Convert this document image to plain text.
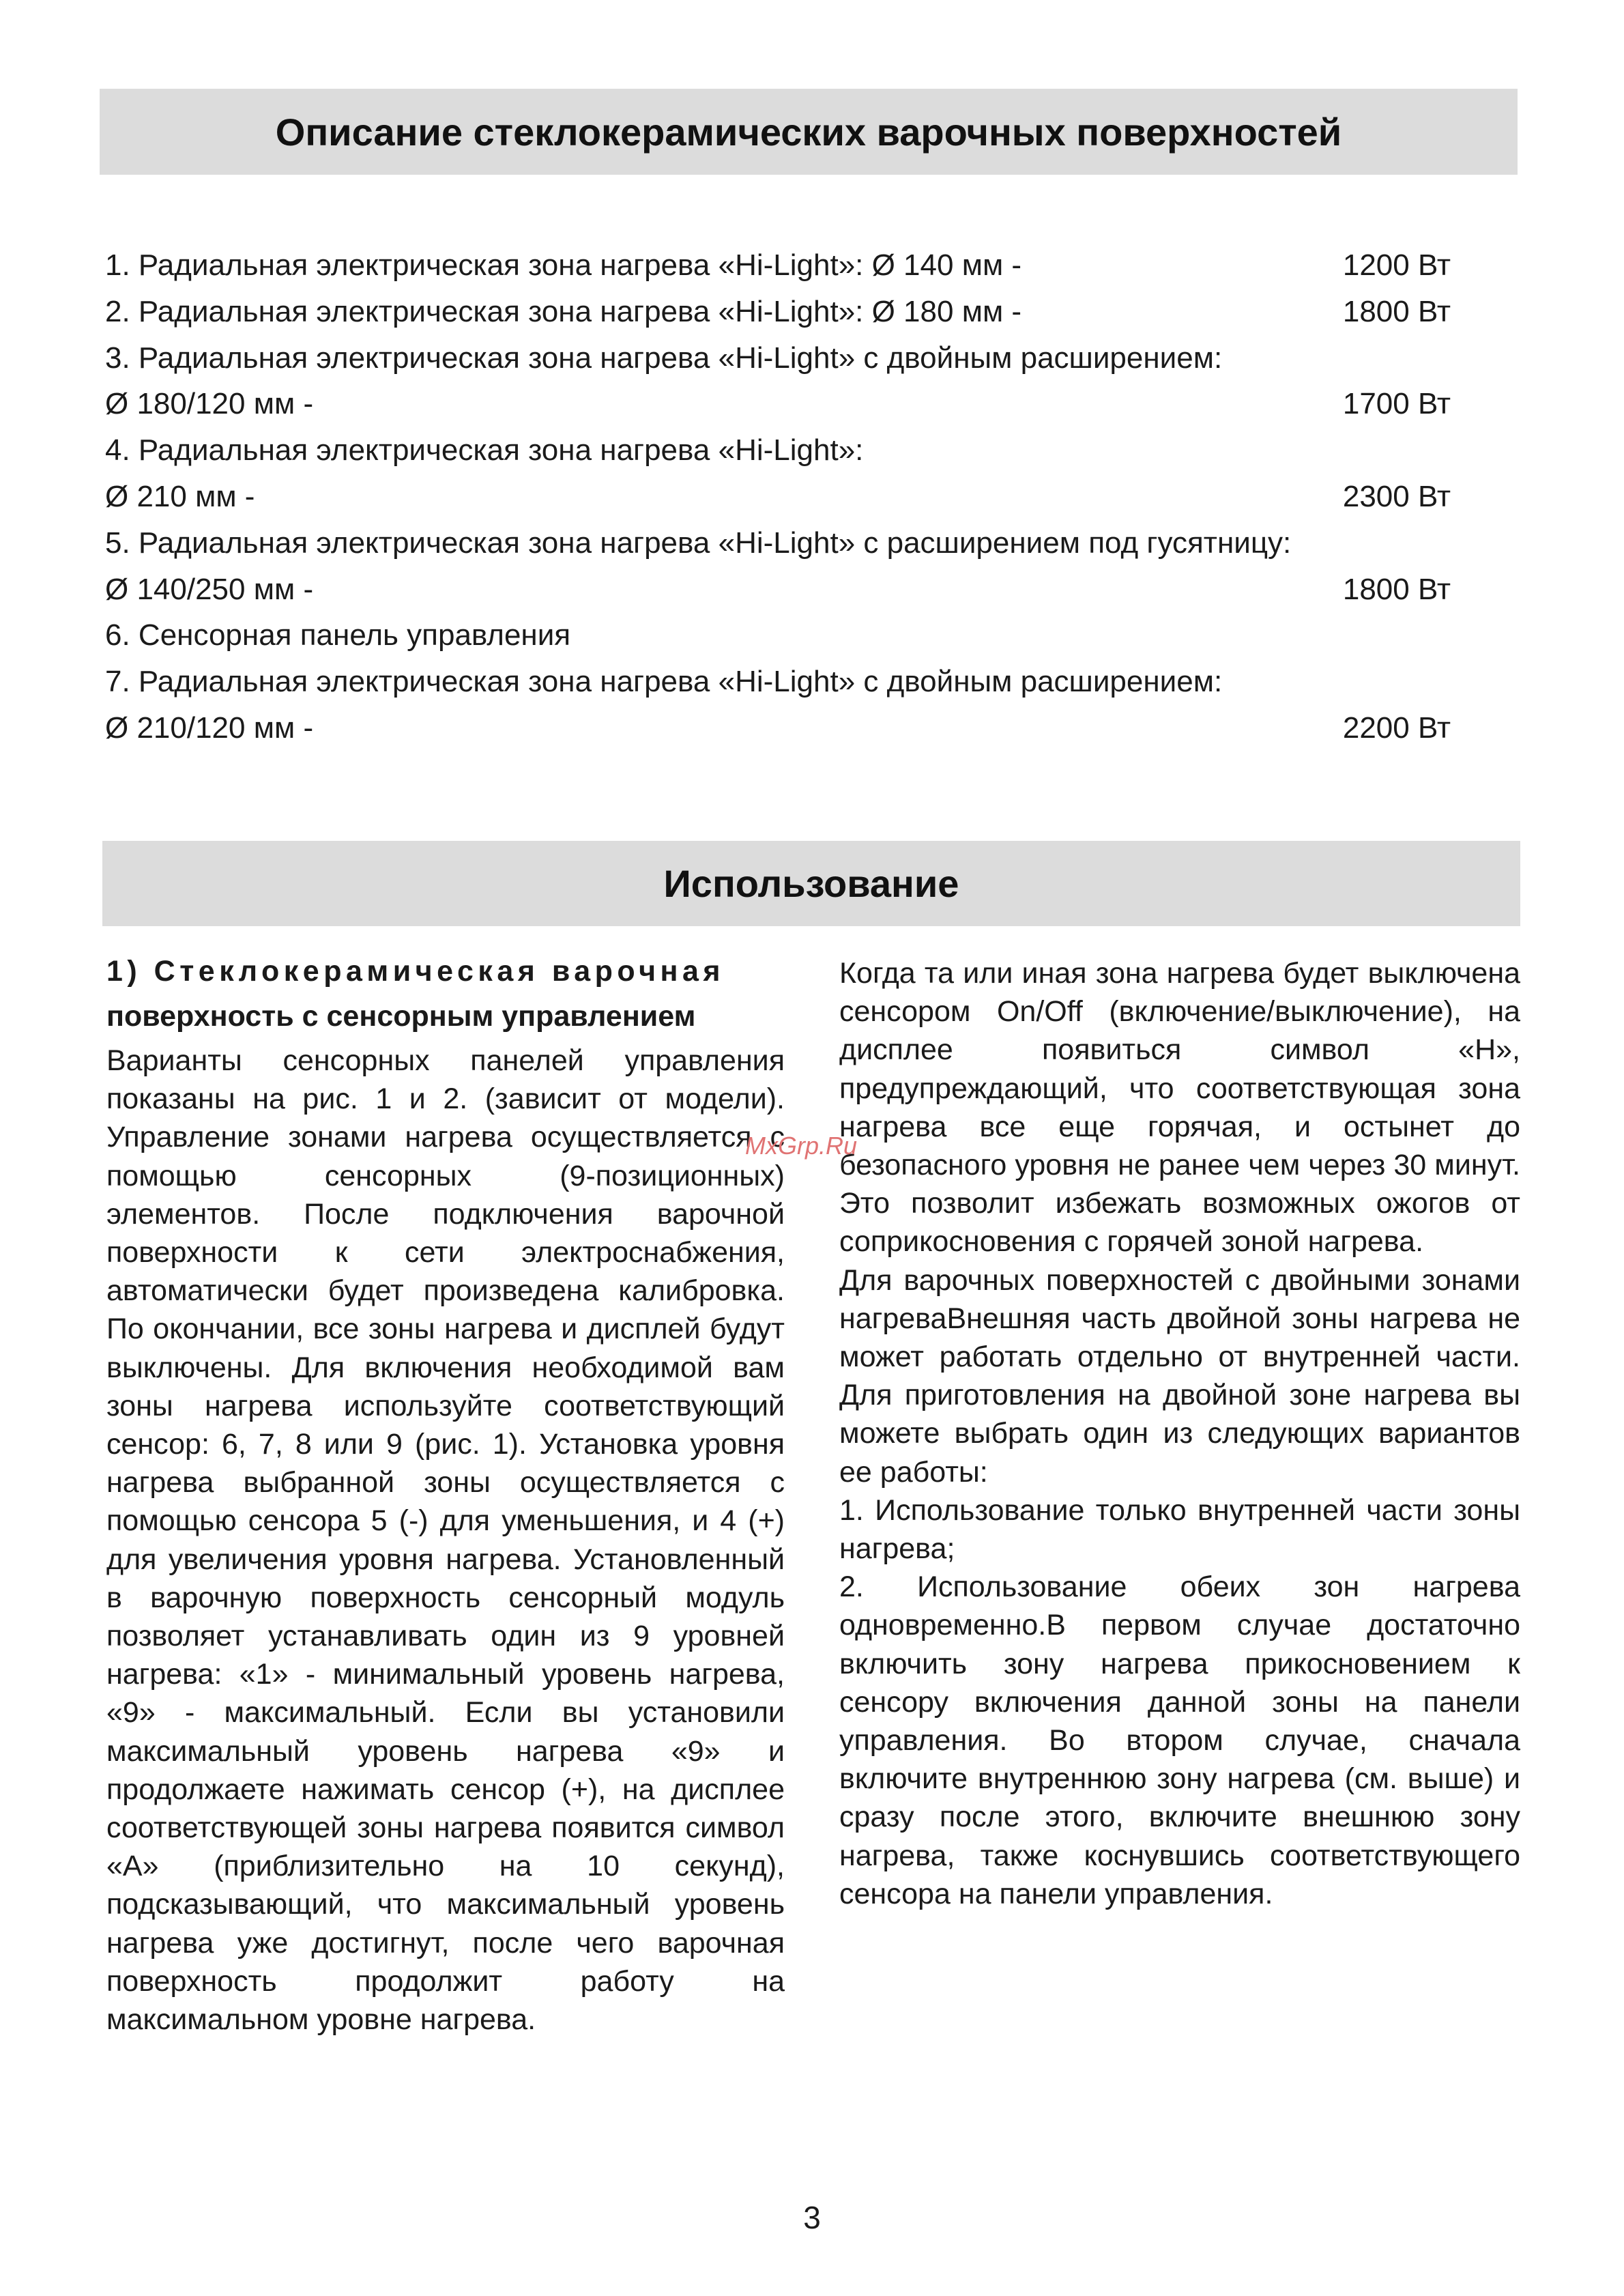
Описание стеклокерамических варочных поверхностей
1. Радиальная электрическая зона нагрева «Hi-Light»: Ø 140 мм -	1200 Вт
2. Радиальная электрическая зона нагрева «Hi-Light»: Ø 180 мм -	1800 Вт
3. Радиальная электрическая зона нагрева «Hi-Light» с двойным расширением:
Ø 180/120 мм -	1700 Вт
4. Радиальная электрическая зона нагрева «Hi-Light»:
Ø 210 мм -	2300 Вт
5. Радиальная электрическая зона нагрева «Hi-Light» с расширением под гусятницу:
Ø 140/250 мм -	1800 Вт
6. Сенсорная панель управления
7. Радиальная электрическая зона нагрева «Hi-Light» с двойным расширением:
Ø 210/120 мм -	2200 Вт
Использование
1) Стеклокерамическая варочная
поверхность с сенсорным управлением
Варианты сенсорных панелей управления показаны на рис. 1 и 2. (зависит от модели). Управление зонами нагрева осуществляется с помощью сенсорных (9-позиционных) элементов. После подключения варочной поверхности к сети электроснабжения, автоматически будет произведена калибровка. По окончании, все зоны нагрева и дисплей будут выключены. Для включения необходимой вам зоны нагрева используйте соответствующий сенсор: 6, 7, 8 или 9 (рис. 1). Установка уровня нагрева выбранной зоны осуществляется с помощью сенсора 5 (-) для уменьшения, и 4 (+) для увеличения уровня нагрева. Установленный в варочную поверхность сенсорный модуль позволяет устанавливать один из 9 уровней нагрева: «1» - минимальный уровень нагрева, «9» - максимальный. Если вы установили максимальный уровень нагрева «9» и продолжаете нажимать сенсор (+), на дисплее соответствующей зоны нагрева появится символ «А» (приблизительно на 10 секунд), подсказывающий, что максимальный уровень нагрева уже достигнут, после чего варочная поверхность продолжит работу на максимальном уровне нагрева.
Когда та или иная зона нагрева будет выключена сенсором On/Off (включение/выключение), на дисплее появиться символ «H», предупреждающий, что соответствующая зона нагрева все еще горячая, и остынет до безопасного уровня не ранее чем через 30 минут. Это позволит избежать возможных ожогов от соприкосновения с горячей зоной нагрева.
Для варочных поверхностей с двойными зонами нагреваВнешняя часть двойной зоны нагрева не может работать отдельно от внутренней части. Для приготовления на двойной зоне нагрева вы можете выбрать один из следующих вариантов ее работы:
1. Использование только внутренней части зоны нагрева;
2. Использование обеих зон нагрева одновременно.В первом случае достаточно включить зону нагрева прикосновением к сенсору включения данной зоны на панели управления. Во втором случае, сначала включите внутреннюю зону нагрева (см. выше) и сразу после этого, включите внешнюю зону нагрева, также коснувшись соответствующего сенсора на панели управления.
MxGrp.Ru
3
